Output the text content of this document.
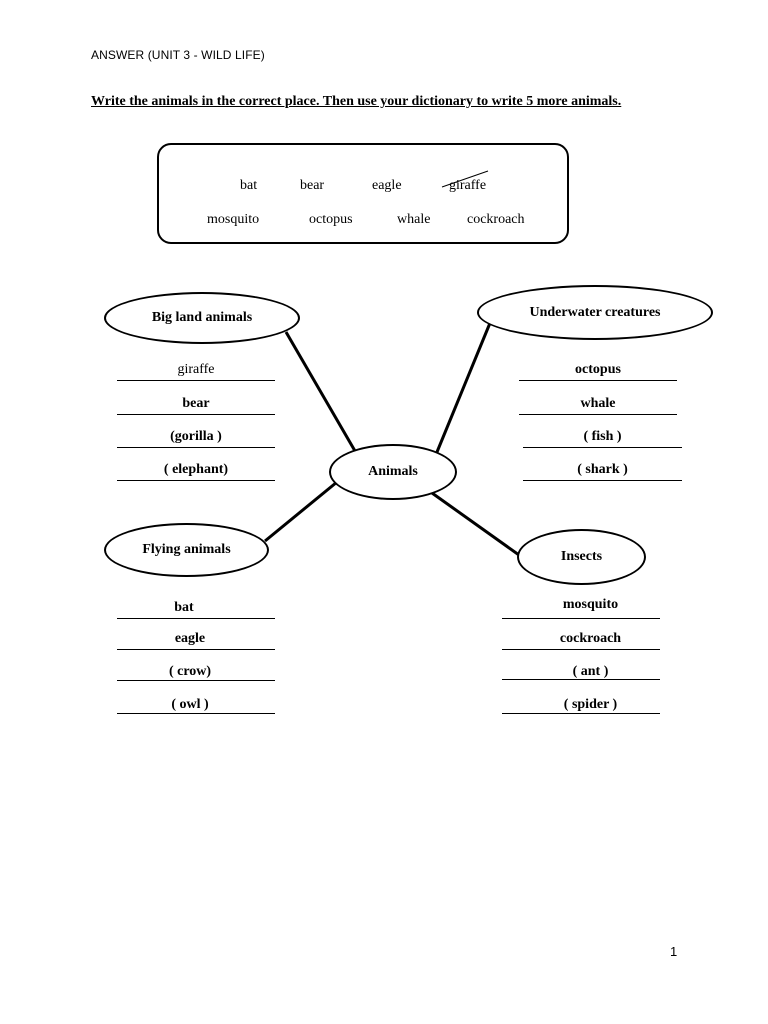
ANSWER (UNIT 3 - WILD LIFE)
Write the animals in the correct place. Then use your dictionary to write 5 more animals.
bat	bear	eagle	giraffe
mosquito	octopus	whale	cockroach
Big land animals	Underwater creatures
Animals
Flying animals	Insects
giraffe
bear
(gorilla )
( elephant)
octopus
whale
( fish )
( shark )
bat
eagle
( crow)
( owl )
mosquito
cockroach
( ant )
( spider )
1
